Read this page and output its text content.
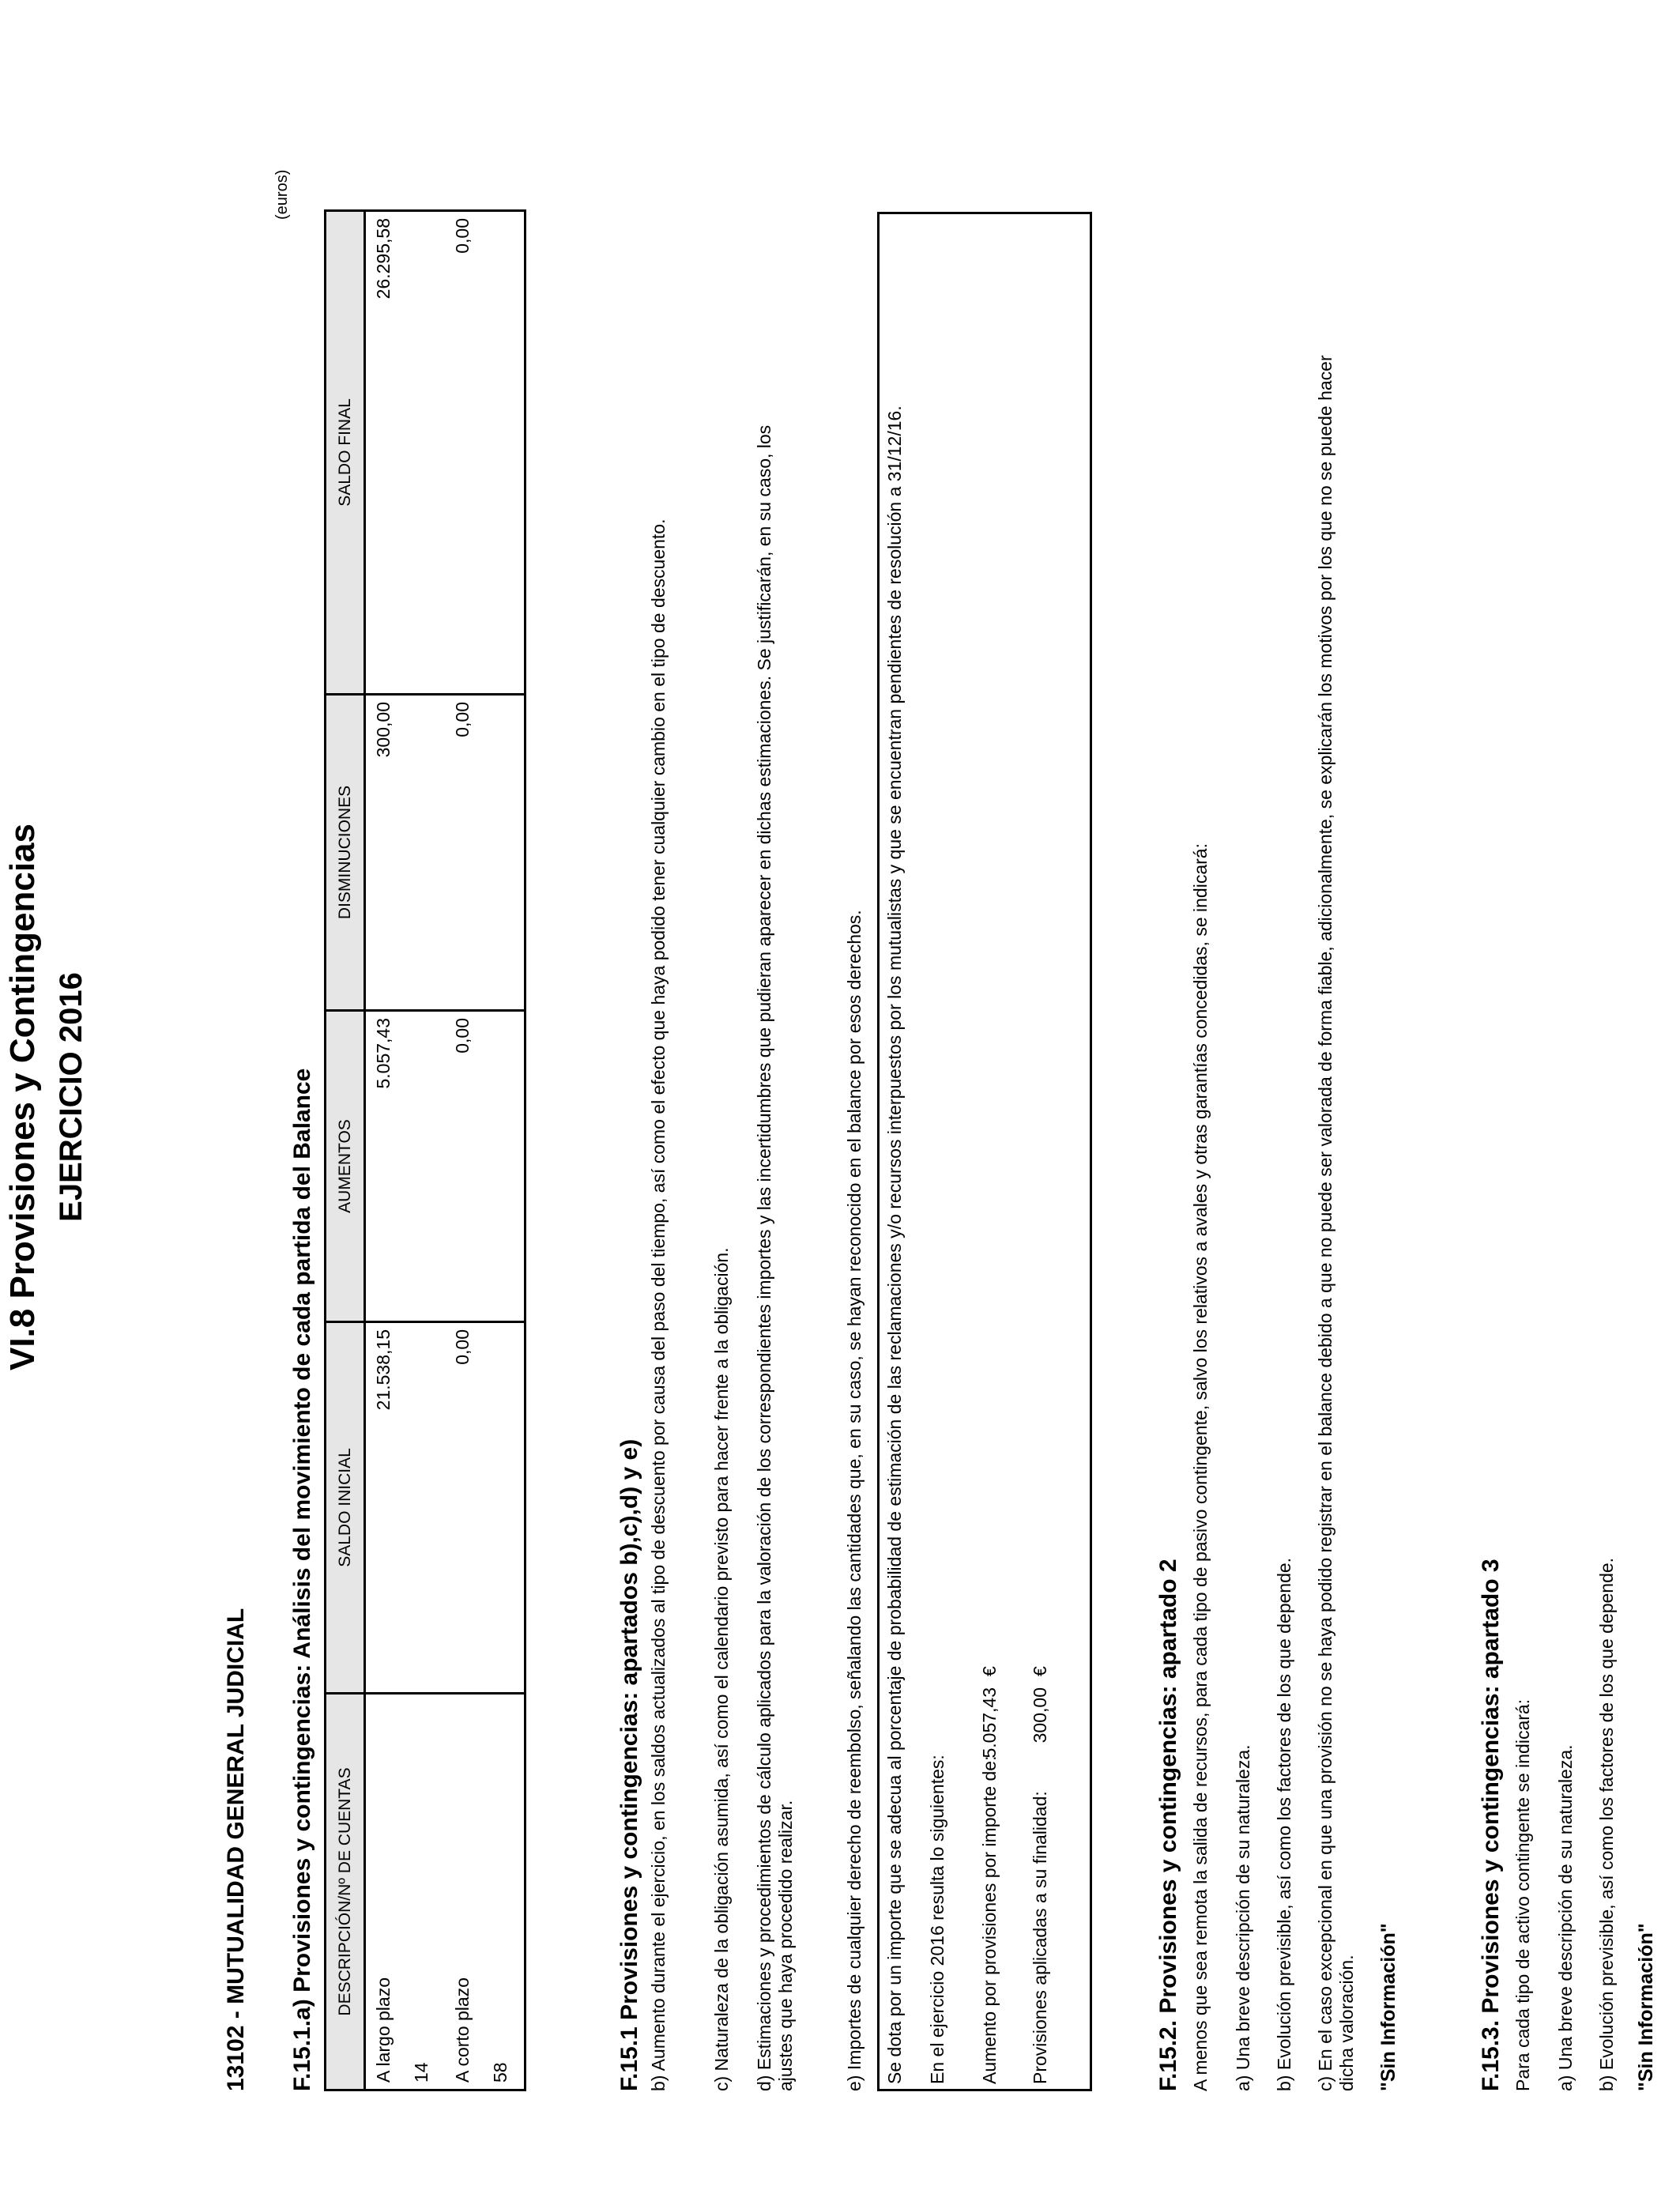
VI.8 Provisiones y Contingencias EJERCICIO 2016
13102 - MUTUALIDAD GENERAL JUDICIAL F.15.1.a) Provisiones y contingencias: Análisis del movimiento de cada partida del Balance
(euros)
DESCRIPCIÓN/Nº DE CUENTAS	SALDO INICIAL	AUMENTOS	DISMINUCIONES	SALDO FINAL

A largo plazo 14	21.538,15	5.057,43	300,00	26.295,58

A corto plazo 58	0,00	0,00	0,00	0,00
F.15.1 Provisiones y contingencias: apartados b),c),d) y e) b) Aumento durante el ejercicio, en los saldos actualizados al tipo de descuento por causa del paso del tiempo, así como el efecto que haya podido tener cualquier cambio en el tipo de descuento. c) Naturaleza de la obligación asumida, así como el calendario previsto para hacer frente a la obligación. d) Estimaciones y procedimientos de cálculo aplicados para la valoración de los correspondientes importes y las incertidumbres que pudieran aparecer en dichas estimaciones. Se justificarán, en su caso, los ajustes que haya procedido realizar.	e) Importes de cualquier derecho de reembolso, señalando las cantidades que, en su caso, se hayan reconocido en el balance por esos derechos. Se dota por un importe que se adecua al porcentaje de probabilidad de estimación de las reclamaciones y/o recursos interpuestos por los mutualistas y que se encuentran pendientes de resolución a 31/12/16. En el ejercicio 2016 resulta lo siguientes: Aumento por provisiones por importe de:
5.057,43
€
Provisiones aplicadas a su finalidad:
300,00
€	F.15.2. Provisiones y contingencias: apartado 2 A menos que sea remota la salida de recursos, para cada tipo de pasivo contingente, salvo los relativos a avales y otras garantías concedidas, se indicará: a) Una breve descripción de su naturaleza. b) Evolución previsible, así como los factores de los que depende. c) En el caso excepcional en que una provisión no se haya podido registrar en el balance debido a que no puede ser valorada de forma fiable, adicionalmente, se explicarán los motivos por los que no se puede hacer dicha valoración. "Sin Información"	F.15.3. Provisiones y contingencias: apartado 3 Para cada tipo de activo contingente se indicará: a) Una breve descripción de su naturaleza. b) Evolución previsible, así como los factores de los que depende. "Sin Información"
